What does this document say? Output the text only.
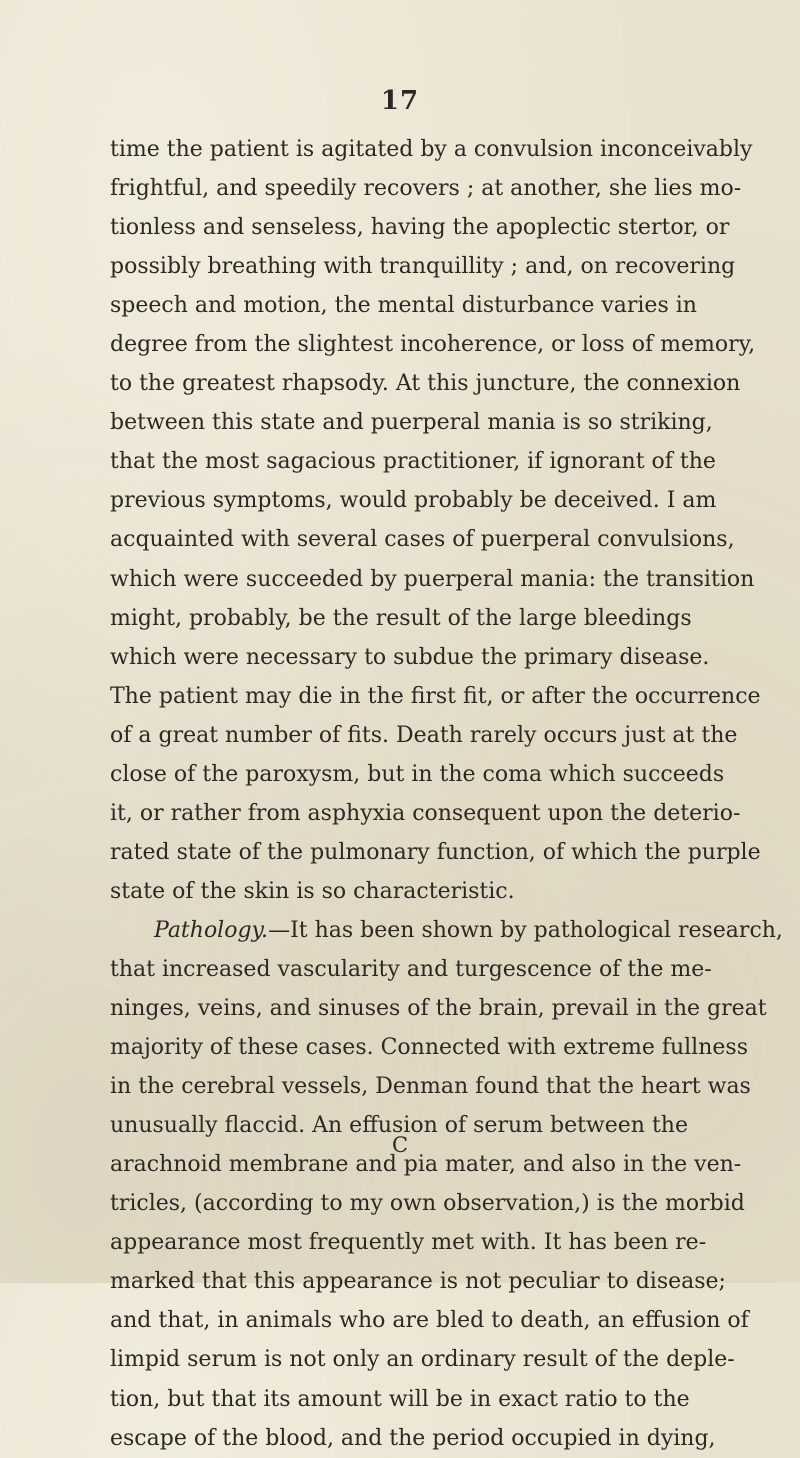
17
time the patient is agitated by a convulsion inconceivably
frightful, and speedily recovers ; at another, she lies mo-
tionless and senseless, having the apoplectic stertor, or
possibly breathing with tranquillity ; and, on recovering
speech and motion, the mental disturbance varies in
degree from the slightest incoherence, or loss of memory,
to the greatest rhapsody. At this juncture, the connexion
between this state and puerperal mania is so striking,
that the most sagacious practitioner, if ignorant of the
previous symptoms, would probably be deceived. I am
acquainted with several cases of puerperal convulsions,
which were succeeded by puerperal mania: the transition
might, probably, be the result of the large bleedings
which were necessary to subdue the primary disease.
The patient may die in the first fit, or after the occurrence
of a great number of fits. Death rarely occurs just at the
close of the paroxysm, but in the coma which succeeds
it, or rather from asphyxia consequent upon the deterio-
rated state of the pulmonary function, of which the purple
state of the skin is so characteristic.
Pathology.—It has been shown by pathological research,
that increased vascularity and turgescence of the me-
ninges, veins, and sinuses of the brain, prevail in the great
majority of these cases. Connected with extreme fullness
in the cerebral vessels, Denman found that the heart was
unusually flaccid. An effusion of serum between the
arachnoid membrane and pia mater, and also in the ven-
tricles, (according to my own observation,) is the morbid
appearance most frequently met with. It has been re-
marked that this appearance is not peculiar to disease;
and that, in animals who are bled to death, an effusion of
limpid serum is not only an ordinary result of the deple-
tion, but that its amount will be in exact ratio to the
escape of the blood, and the period occupied in dying,
C
